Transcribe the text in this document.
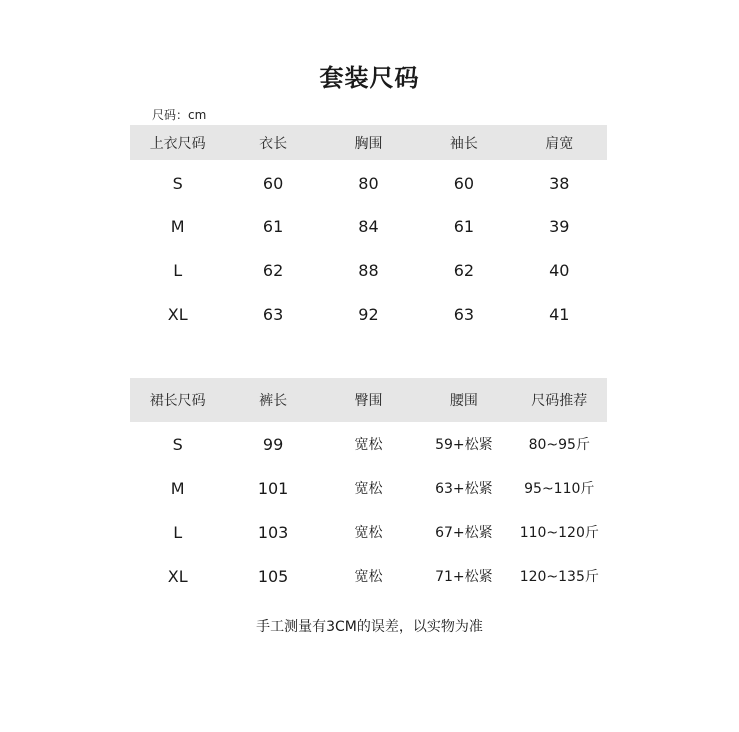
套装尺码
尺码：cm
上衣尺码	衣长	胸围	袖长	肩宽
S	60	80	60	38
M	61	84	61	39
L	62	88	62	40
XL	63	92	63	41
裙长尺码	裤长	臀围	腰围	尺码推荐
S	99	宽松	59+松紧	80~95斤
M	101	宽松	63+松紧	95~110斤
L	103	宽松	67+松紧	110~120斤
XL	105	宽松	71+松紧	120~135斤
手工测量有3CM的误差，以实物为准
